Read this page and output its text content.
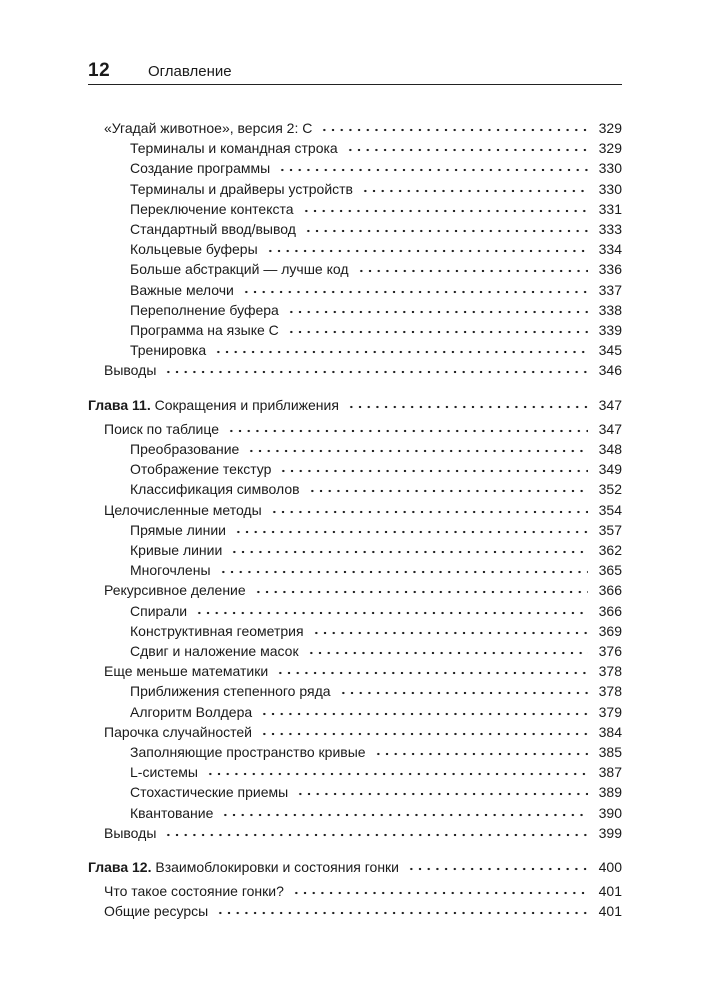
12	Оглавление
«Угадай животное», версия 2: C	329
Терминалы и командная строка	329
Создание программы	330
Терминалы и драйверы устройств	330
Переключение контекста	331
Стандартный ввод/вывод	333
Кольцевые буферы	334
Больше абстракций — лучше код	336
Важные мелочи	337
Переполнение буфера	338
Программа на языке C	339
Тренировка	345
Выводы	346
Глава 11. Сокращения и приближения	347
Поиск по таблице	347
Преобразование	348
Отображение текстур	349
Классификация символов	352
Целочисленные методы	354
Прямые линии	357
Кривые линии	362
Многочлены	365
Рекурсивное деление	366
Спирали	366
Конструктивная геометрия	369
Сдвиг и наложение масок	376
Еще меньше математики	378
Приближения степенного ряда	378
Алгоритм Волдера	379
Парочка случайностей	384
Заполняющие пространство кривые	385
L-системы	387
Стохастические приемы	389
Квантование	390
Выводы	399
Глава 12. Взаимоблокировки и состояния гонки	400
Что такое состояние гонки?	401
Общие ресурсы	401
